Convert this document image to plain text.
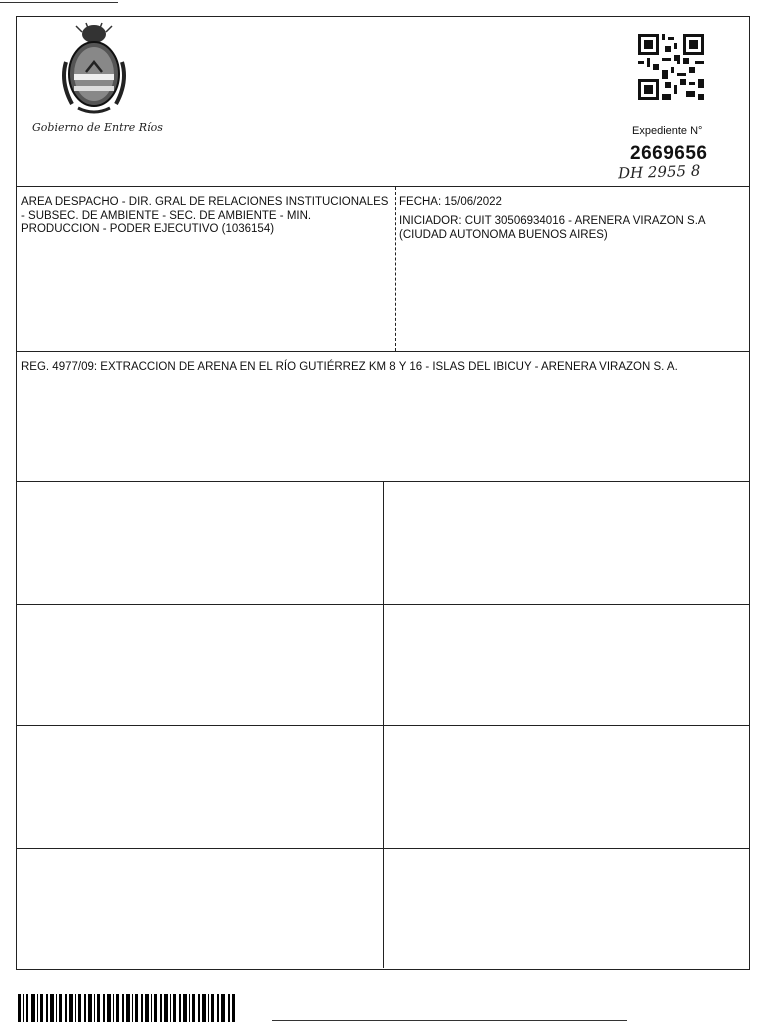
Gobierno de Entre Ríos	Expediente N°
2669656
DH 2955 8
AREA DESPACHO - DIR. GRAL DE RELACIONES INSTITUCIONALES - SUBSEC. DE AMBIENTE - SEC. DE AMBIENTE - MIN. PRODUCCION - PODER EJECUTIVO (1036154)
FECHA: 15/06/2022
INICIADOR: CUIT 30506934016 - ARENERA VIRAZON S.A (CIUDAD AUTONOMA BUENOS AIRES)
REG. 4977/09: EXTRACCION DE ARENA EN EL RÍO GUTIÉRREZ KM 8 Y 16 - ISLAS DEL IBICUY - ARENERA VIRAZON S. A.
